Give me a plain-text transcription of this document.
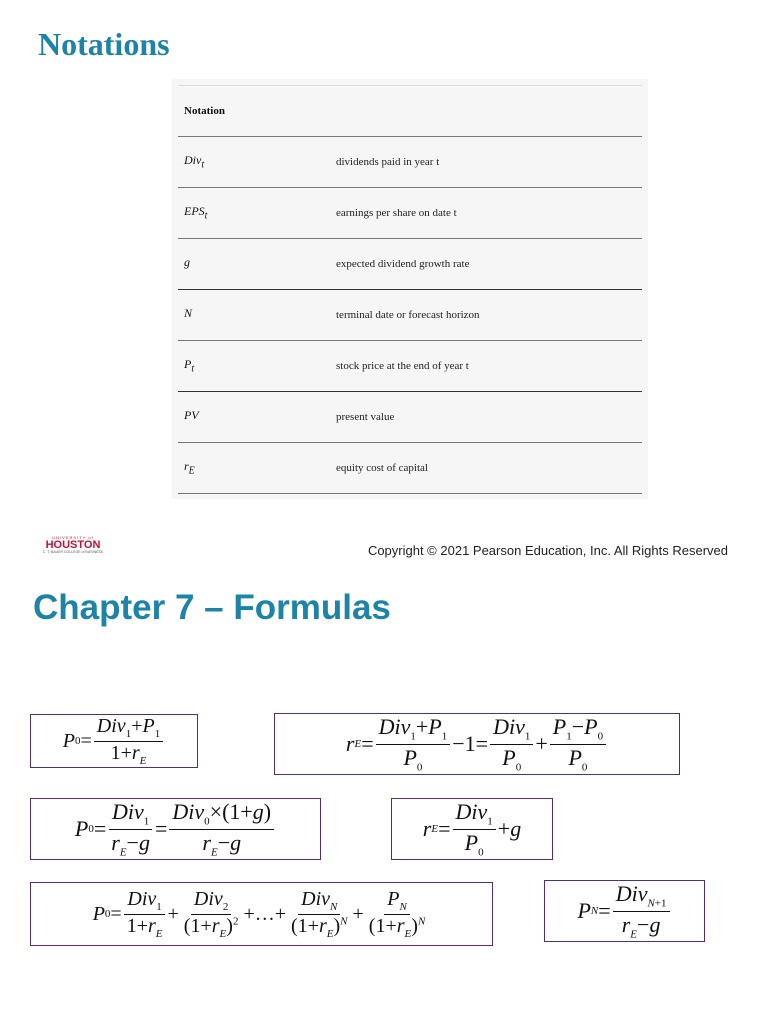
Notations
Notation	
Div$_t$	dividends paid in year t
$EPS_t$	earnings per share on date t
g	expected dividend growth rate
N	terminal date or forecast horizon
$P_t$	stock price at the end of year t
PV	present value
$r_E$	equity cost of capital
UNIVERSITY of
HOUSTON
C. T. BAUER COLLEGE of BUSINESS	Copyright © 2021 Pearson Education, Inc. All Rights Reserved
Chapter 7 – Formulas
P $0 = \frac{Div_1+P_1}{1+r_E}$	r $E = \frac{Div_1+P_1}{P_0} -1= \frac{Div_1}{P_0} + \frac{P_1-P_0}{P_0}$
P $0 = \frac{Div_1}{r_E-g} = \frac{Div_0\times(1+g)}{r_E-g}$	r $E = \frac{Div_1}{P_0} + g$
P $0 = \frac{Div_1}{1+r_E} + \frac{Div_2}{(1+r_E)^2}$ +…+ $\frac{Div_N}{(1+r_E)^N} + \frac{P_N}{(1+r_E)^N}$	P $N = \frac{Div_{N+1}}{r_E-g}$
